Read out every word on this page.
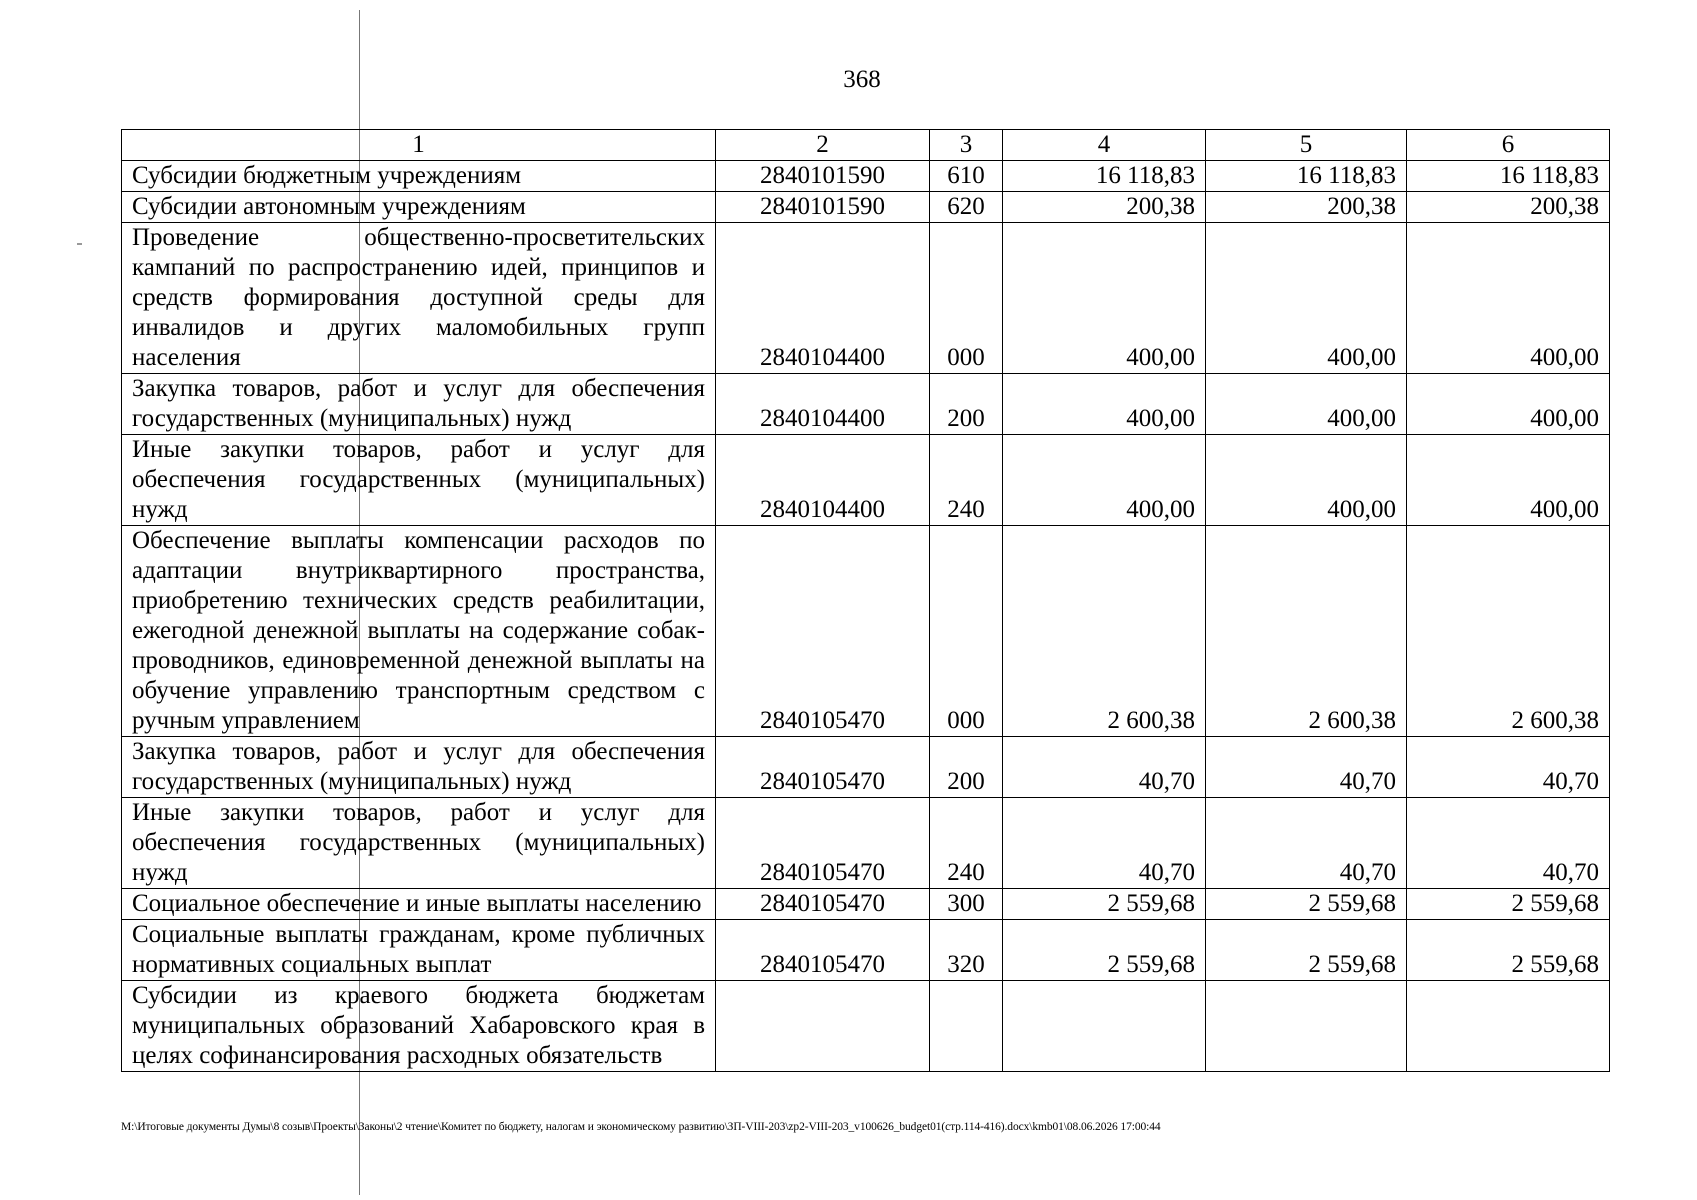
368
1	2	3	4	5	6
Субсидии бюджетным учреждениям	2840101590	610	16 118,83	16 118,83	16 118,83
Субсидии автономным учреждениям	2840101590	620	200,38	200,38	200,38
Проведение общественно-просветительских кампаний по распространению идей, принципов и средств формирования доступной среды для инвалидов и других маломобильных групп населения	2840104400	000	400,00	400,00	400,00
Закупка товаров, работ и услуг для обеспечения государственных (муниципальных) нужд	2840104400	200	400,00	400,00	400,00
Иные закупки товаров, работ и услуг для обеспечения государственных (муниципальных) нужд	2840104400	240	400,00	400,00	400,00
Обеспечение выплаты компенсации расходов по адаптации внутриквартирного пространства, приобретению технических средств реабилитации, ежегодной денежной выплаты на содержание собак-проводников, единовременной денежной выплаты на обучение управлению транспортным средством с ручным управлением	2840105470	000	2 600,38	2 600,38	2 600,38
Закупка товаров, работ и услуг для обеспечения государственных (муниципальных) нужд	2840105470	200	40,70	40,70	40,70
Иные закупки товаров, работ и услуг для обеспечения государственных (муниципальных) нужд	2840105470	240	40,70	40,70	40,70
Социальное обеспечение и иные выплаты населению	2840105470	300	2 559,68	2 559,68	2 559,68
Социальные выплаты гражданам, кроме публичных нормативных социальных выплат	2840105470	320	2 559,68	2 559,68	2 559,68
Субсидии из краевого бюджета бюджетам муниципальных образований Хабаровского края в целях софинансирования расходных обязательств					
M:\Итоговые документы Думы\8 созыв\Проекты\Законы\2 чтение\Комитет по бюджету, налогам и экономическому развитию\ЗП-VIII-203\zp2-VIII-203_v100626_budget01(стр.114-416).docx\kmb01\08.06.2026 17:00:44
